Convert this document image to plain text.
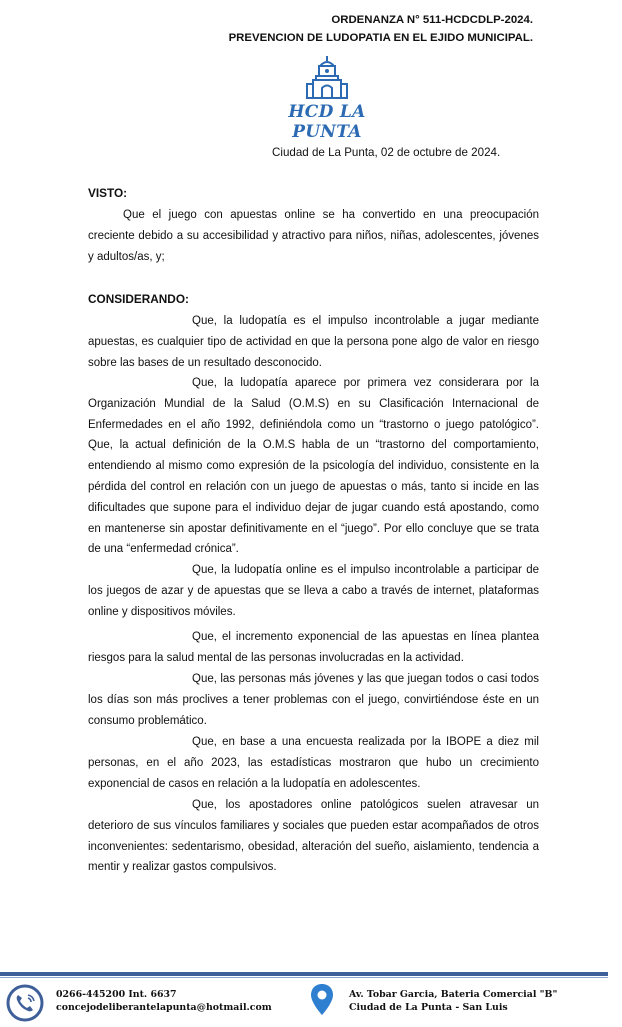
ORDENANZA N° 511-HCDCDLP-2024.
PREVENCION DE LUDOPATIA EN EL EJIDO MUNICIPAL.
HCD LA PUNTA
Ciudad de La Punta, 02 de octubre de 2024.
VISTO:
Que el juego con apuestas online se ha convertido en una preocupación creciente debido a su accesibilidad y atractivo para niños, niñas, adolescentes, jóvenes y adultos/as, y;
CONSIDERANDO:
Que, la ludopatía es el impulso incontrolable a jugar mediante apuestas, es cualquier tipo de actividad en que la persona pone algo de valor en riesgo sobre las bases de un resultado desconocido.
Que, la ludopatía aparece por primera vez considerara por la Organización Mundial de la Salud (O.M.S) en su Clasificación Internacional de Enfermedades en el año 1992, definiéndola como un “trastorno o juego patológico”. Que, la actual definición de la O.M.S habla de un “trastorno del comportamiento, entendiendo al mismo como expresión de la psicología del individuo, consistente en la pérdida del control en relación con un juego de apuestas o más, tanto si incide en las dificultades que supone para el individuo dejar de jugar cuando está apostando, como en mantenerse sin apostar definitivamente en el “juego”. Por ello concluye que se trata de una “enfermedad crónica”.
Que, la ludopatía online es el impulso incontrolable a participar de los juegos de azar y de apuestas que se lleva a cabo a través de internet, plataformas online y dispositivos móviles.
Que, el incremento exponencial de las apuestas en línea plantea riesgos para la salud mental de las personas involucradas en la actividad.
Que, las personas más jóvenes y las que juegan todos o casi todos los días son más proclives a tener problemas con el juego, convirtiéndose éste en un consumo problemático.
Que, en base a una encuesta realizada por la IBOPE a diez mil personas, en el año 2023, las estadísticas mostraron que hubo un crecimiento exponencial de casos en relación a la ludopatía en adolescentes.
Que, los apostadores online patológicos suelen atravesar un deterioro de sus vínculos familiares y sociales que pueden estar acompañados de otros inconvenientes: sedentarismo, obesidad, alteración del sueño, aislamiento, tendencia a mentir y realizar gastos compulsivos.
0266-445200 Int. 6637
concejodeliberantelapunta@hotmail.com
Av. Tobar Garcia, Bateria Comercial "B"
Ciudad de La Punta - San Luis
